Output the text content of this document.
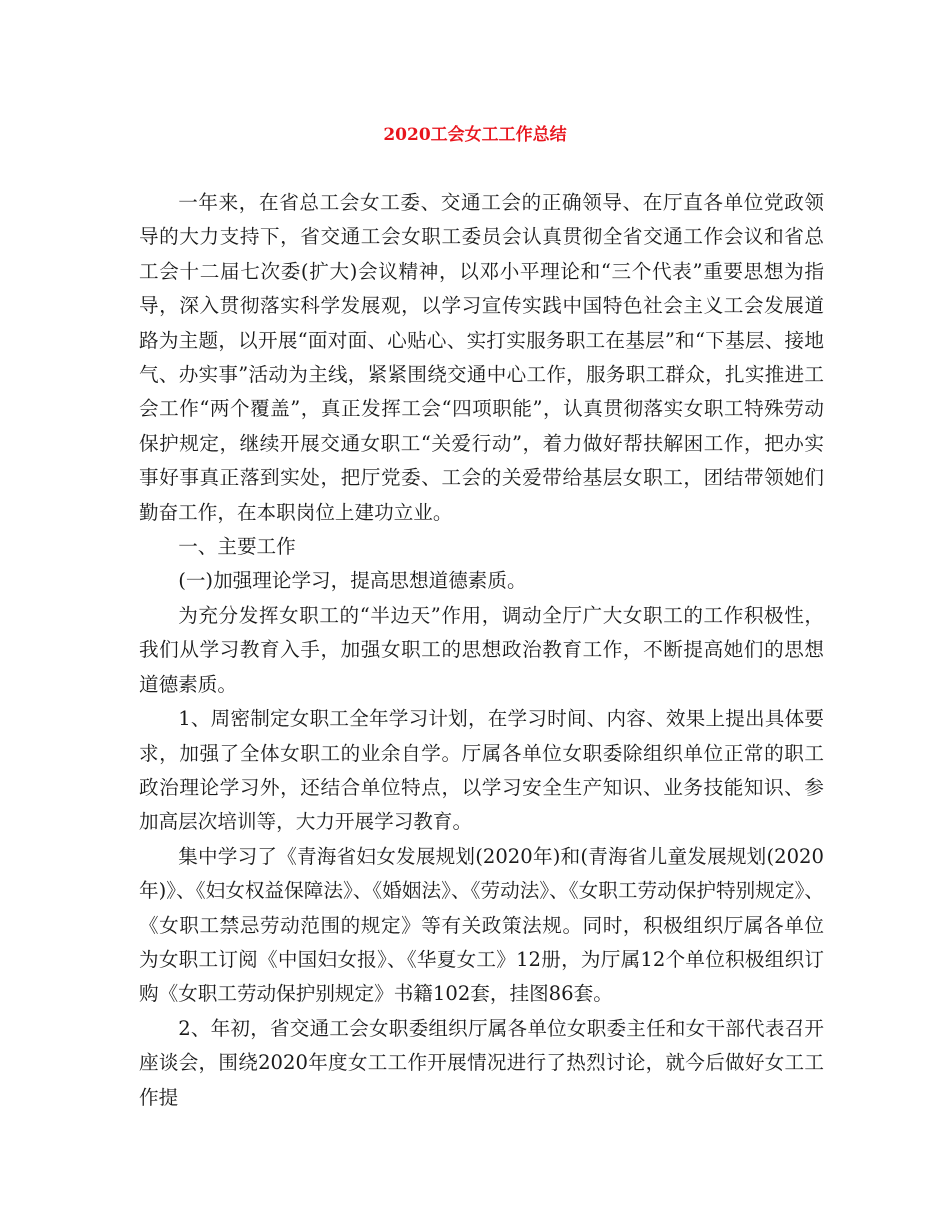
2020工会女工工作总结

一年来，在省总工会女工委、交通工会的正确领导、在厅直各单位党政领导的大力支持下，省交通工会女职工委员会认真贯彻全省交通工作会议和省总工会十二届七次委(扩大)会议精神，以邓小平理论和“三个代表”重要思想为指导，深入贯彻落实科学发展观，以学习宣传实践中国特色社会主义工会发展道路为主题，以开展“面对面、心贴心、实打实服务职工在基层”和“下基层、接地气、办实事”活动为主线，紧紧围绕交通中心工作，服务职工群众，扎实推进工会工作“两个覆盖”，真正发挥工会“四项职能”，认真贯彻落实女职工特殊劳动保护规定，继续开展交通女职工“关爱行动”，着力做好帮扶解困工作，把办实事好事真正落到实处，把厅党委、工会的关爱带给基层女职工，团结带领她们勤奋工作，在本职岗位上建功立业。

一、主要工作

(一)加强理论学习，提高思想道德素质。

为充分发挥女职工的“半边天”作用，调动全厅广大女职工的工作积极性，我们从学习教育入手，加强女职工的思想政治教育工作，不断提高她们的思想道德素质。

1、周密制定女职工全年学习计划，在学习时间、内容、效果上提出具体要求，加强了全体女职工的业余自学。厅属各单位女职委除组织单位正常的职工政治理论学习外，还结合单位特点，以学习安全生产知识、业务技能知识、参加高层次培训等，大力开展学习教育。

集中学习了《青海省妇女发展规划(2020年)和(青海省儿童发展规划(2020年)》、《妇女权益保障法》、《婚姻法》、《劳动法》、《女职工劳动保护特别规定》、《女职工禁忌劳动范围的规定》等有关政策法规。同时，积极组织厅属各单位为女职工订阅《中国妇女报》、《华夏女工》12册，为厅属12个单位积极组织订购《女职工劳动保护别规定》书籍102套，挂图86套。

2、年初，省交通工会女职委组织厅属各单位女职委主任和女干部代表召开座谈会，围绕2020年度女工工作开展情况进行了热烈讨论，就今后做好女工工作提
